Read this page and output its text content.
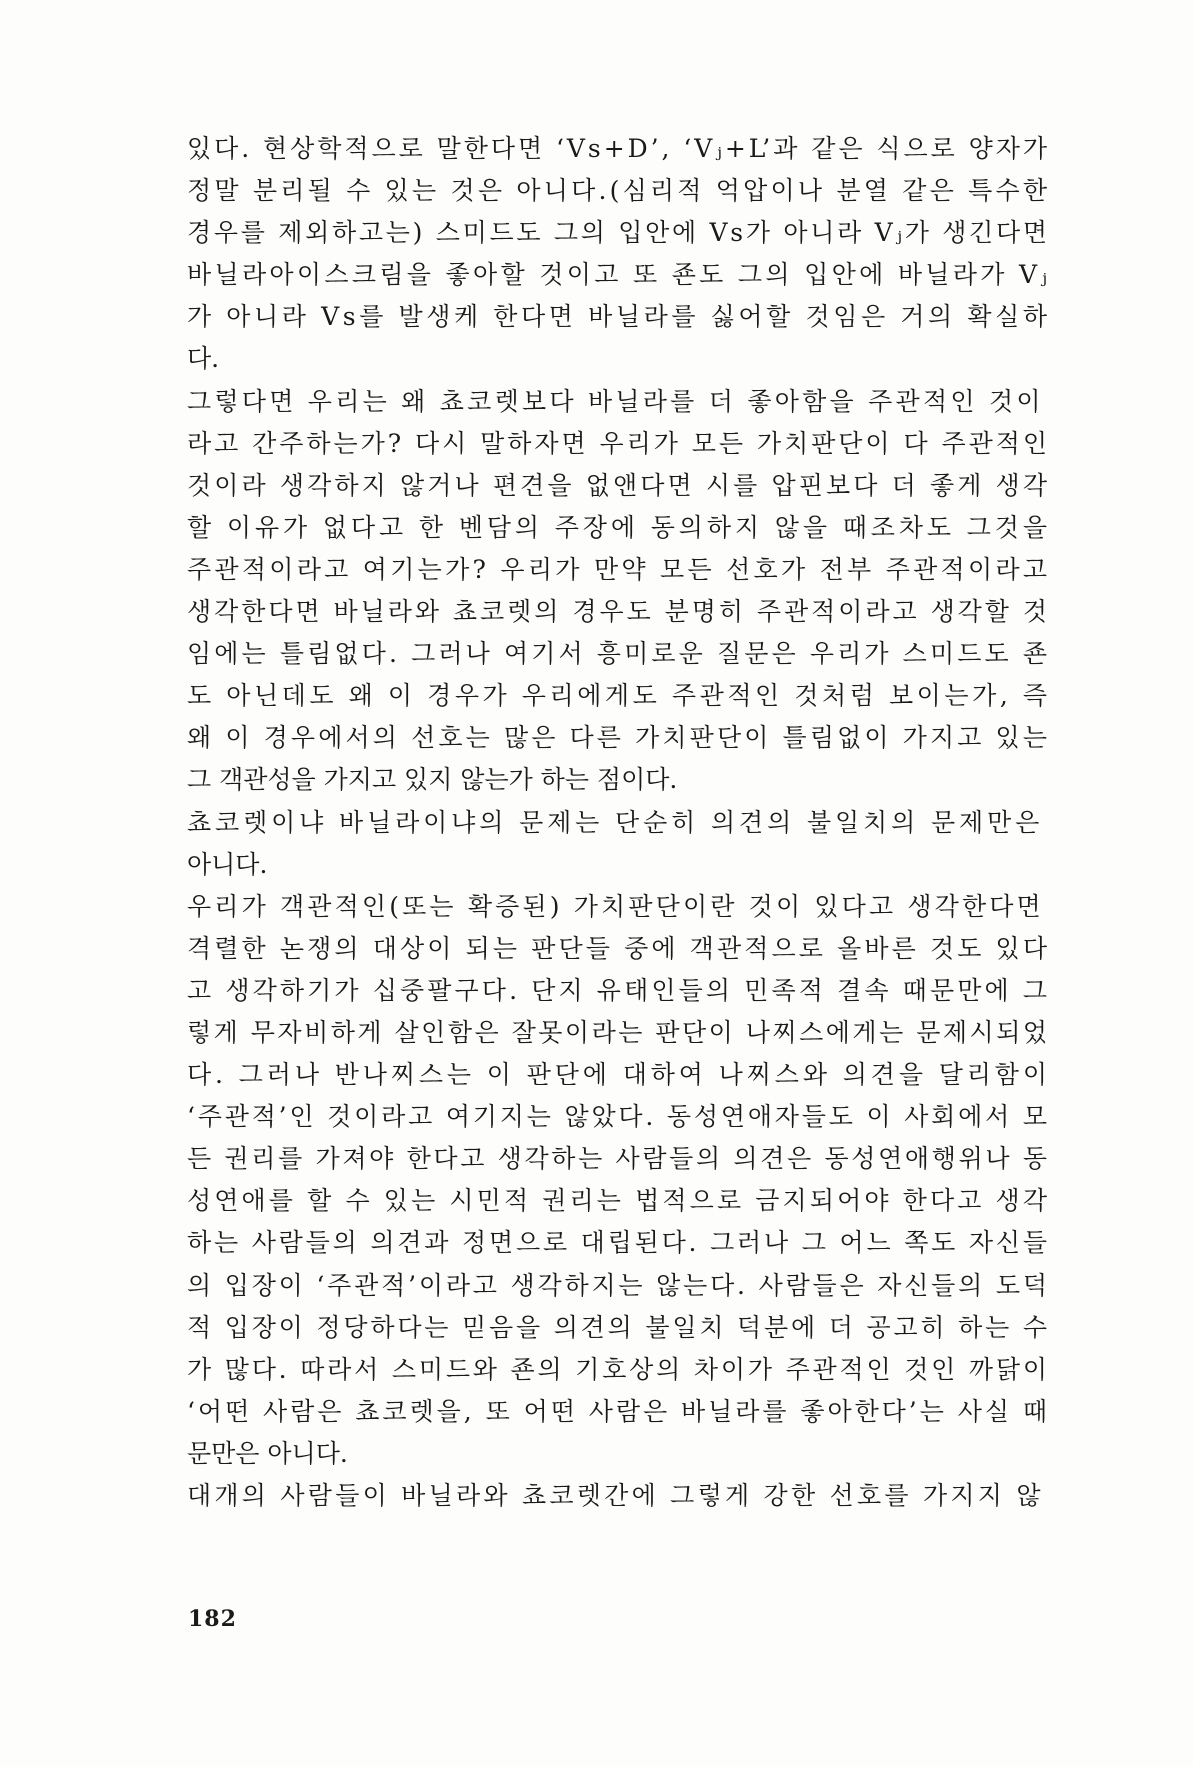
있다. 현상학적으로 말한다면 ‘Vs+D’, ‘Vⱼ+L’과 같은 식으로 양자가
정말 분리될 수 있는 것은 아니다.(심리적 억압이나 분열 같은 특수한
경우를 제외하고는) 스미드도 그의 입안에 Vs가 아니라 Vⱼ가 생긴다면
바닐라아이스크림을 좋아할 것이고 또 죤도 그의 입안에 바닐라가 Vⱼ
가 아니라 Vs를 발생케 한다면 바닐라를 싫어할 것임은 거의 확실하
다.
그렇다면 우리는 왜 쵸코렛보다 바닐라를 더 좋아함을 주관적인 것이
라고 간주하는가? 다시 말하자면 우리가 모든 가치판단이 다 주관적인
것이라 생각하지 않거나 편견을 없앤다면 시를 압핀보다 더 좋게 생각
할 이유가 없다고 한 벤담의 주장에 동의하지 않을 때조차도 그것을
주관적이라고 여기는가? 우리가 만약 모든 선호가 전부 주관적이라고
생각한다면 바닐라와 쵸코렛의 경우도 분명히 주관적이라고 생각할 것
임에는 틀림없다. 그러나 여기서 흥미로운 질문은 우리가 스미드도 죤
도 아닌데도 왜 이 경우가 우리에게도 주관적인 것처럼 보이는가, 즉
왜 이 경우에서의 선호는 많은 다른 가치판단이 틀림없이 가지고 있는
그 객관성을 가지고 있지 않는가 하는 점이다.
쵸코렛이냐 바닐라이냐의 문제는 단순히 의견의 불일치의 문제만은
아니다.
우리가 객관적인(또는 확증된) 가치판단이란 것이 있다고 생각한다면
격렬한 논쟁의 대상이 되는 판단들 중에 객관적으로 올바른 것도 있다
고 생각하기가 십중팔구다. 단지 유태인들의 민족적 결속 때문만에 그
렇게 무자비하게 살인함은 잘못이라는 판단이 나찌스에게는 문제시되었
다. 그러나 반나찌스는 이 판단에 대하여 나찌스와 의견을 달리함이
‘주관적’인 것이라고 여기지는 않았다. 동성연애자들도 이 사회에서 모
든 권리를 가져야 한다고 생각하는 사람들의 의견은 동성연애행위나 동
성연애를 할 수 있는 시민적 권리는 법적으로 금지되어야 한다고 생각
하는 사람들의 의견과 정면으로 대립된다. 그러나 그 어느 쪽도 자신들
의 입장이 ‘주관적’이라고 생각하지는 않는다. 사람들은 자신들의 도덕
적 입장이 정당하다는 믿음을 의견의 불일치 덕분에 더 공고히 하는 수
가 많다. 따라서 스미드와 죤의 기호상의 차이가 주관적인 것인 까닭이
‘어떤 사람은 쵸코렛을, 또 어떤 사람은 바닐라를 좋아한다’는 사실 때
문만은 아니다.
대개의 사람들이 바닐라와 쵸코렛간에 그렇게 강한 선호를 가지지 않
182
